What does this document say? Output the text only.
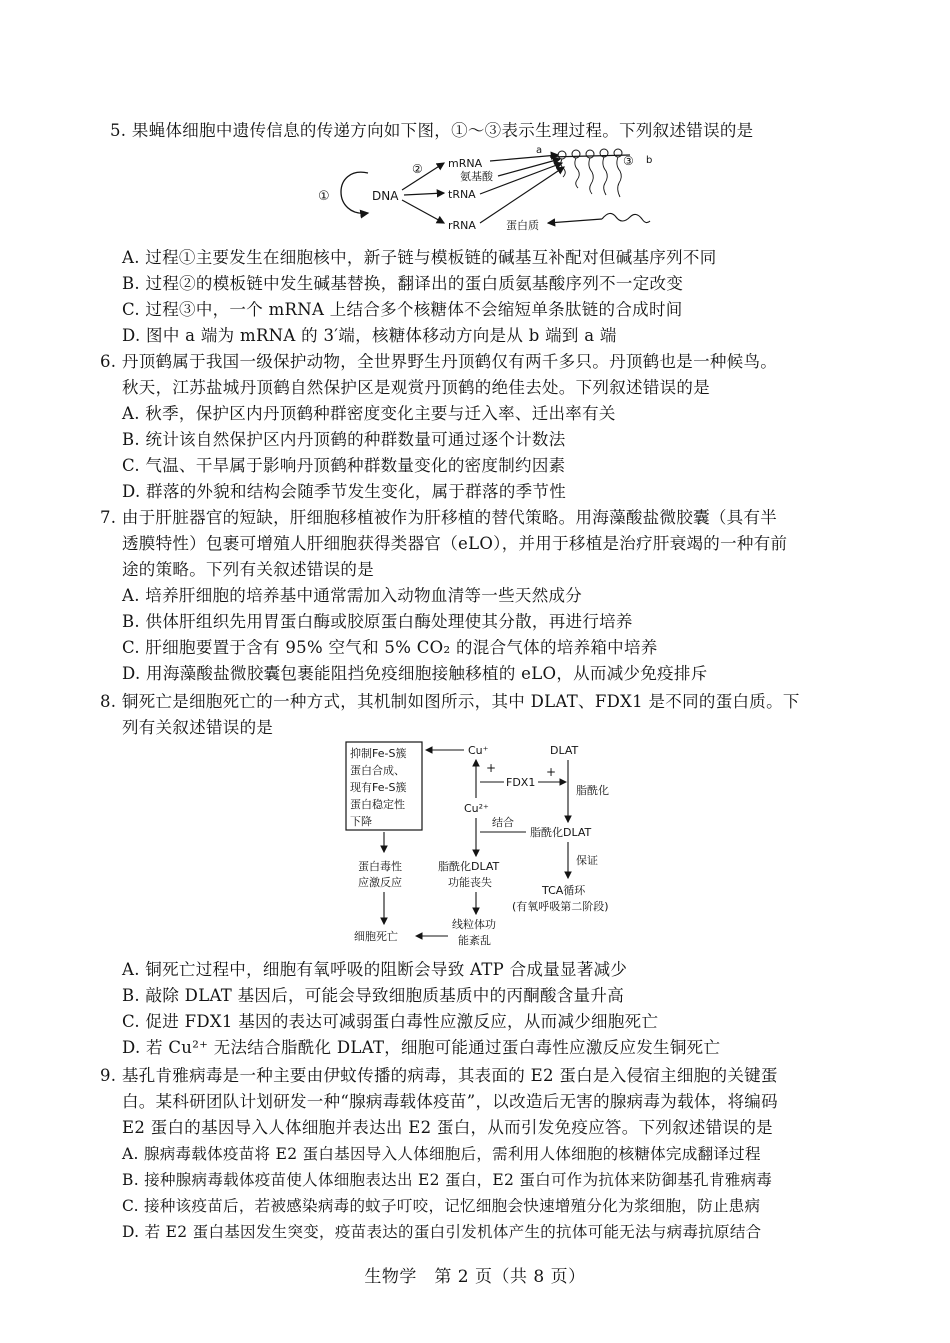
5. 果蝇体细胞中遗传信息的传递方向如下图，①～③表示生理过程。下列叙述错误的是
①	DNA
② mRNA
tRNA
rRNA
氨基酸
a
③ b
蛋白质
A. 过程①主要发生在细胞核中，新子链与模板链的碱基互补配对但碱基序列不同
B. 过程②的模板链中发生碱基替换，翻译出的蛋白质氨基酸序列不一定改变
C. 过程③中，一个 mRNA 上结合多个核糖体不会缩短单条肽链的合成时间
D. 图中 a 端为 mRNA 的 3′端，核糖体移动方向是从 b 端到 a 端
6. 丹顶鹤属于我国一级保护动物，全世界野生丹顶鹤仅有两千多只。丹顶鹤也是一种候鸟。
秋天，江苏盐城丹顶鹤自然保护区是观赏丹顶鹤的绝佳去处。下列叙述错误的是
A. 秋季，保护区内丹顶鹤种群密度变化主要与迁入率、迁出率有关
B. 统计该自然保护区内丹顶鹤的种群数量可通过逐个计数法
C. 气温、干旱属于影响丹顶鹤种群数量变化的密度制约因素
D. 群落的外貌和结构会随季节发生变化，属于群落的季节性
7. 由于肝脏器官的短缺，肝细胞移植被作为肝移植的替代策略。用海藻酸盐微胶囊（具有半
透膜特性）包裹可增殖人肝细胞获得类器官（eLO），并用于移植是治疗肝衰竭的一种有前
途的策略。下列有关叙述错误的是
A. 培养肝细胞的培养基中通常需加入动物血清等一些天然成分
B. 供体肝组织先用胃蛋白酶或胶原蛋白酶处理使其分散，再进行培养
C. 肝细胞要置于含有 95% 空气和 5% CO₂ 的混合气体的培养箱中培养
D. 用海藻酸盐微胶囊包裹能阻挡免疫细胞接触移植的 eLO，从而减少免疫排斥
8. 铜死亡是细胞死亡的一种方式，其机制如图所示，其中 DLAT、FDX1 是不同的蛋白质。下
列有关叙述错误的是
抑制Fe-S簇
蛋白合成、
现有Fe-S簇
蛋白稳定性
下降
Cu⁺
+
FDX1
+
Cu²⁺
DLAT
脂酰化
脂酰化DLAT
结合
保证
TCA循环
(有氧呼吸第二阶段)
蛋白毒性
应激反应
细胞死亡
脂酰化DLAT
功能丧失
线粒体功
能紊乱
A. 铜死亡过程中，细胞有氧呼吸的阻断会导致 ATP 合成量显著减少
B. 敲除 DLAT 基因后，可能会导致细胞质基质中的丙酮酸含量升高
C. 促进 FDX1 基因的表达可减弱蛋白毒性应激反应，从而减少细胞死亡
D. 若 Cu²⁺ 无法结合脂酰化 DLAT，细胞可能通过蛋白毒性应激反应发生铜死亡
9. 基孔肯雅病毒是一种主要由伊蚊传播的病毒，其表面的 E2 蛋白是入侵宿主细胞的关键蛋
白。某科研团队计划研发一种“腺病毒载体疫苗”，以改造后无害的腺病毒为载体，将编码
E2 蛋白的基因导入人体细胞并表达出 E2 蛋白，从而引发免疫应答。下列叙述错误的是
A. 腺病毒载体疫苗将 E2 蛋白基因导入人体细胞后，需利用人体细胞的核糖体完成翻译过程
B. 接种腺病毒载体疫苗使人体细胞表达出 E2 蛋白，E2 蛋白可作为抗体来防御基孔肯雅病毒
C. 接种该疫苗后，若被感染病毒的蚊子叮咬，记忆细胞会快速增殖分化为浆细胞，防止患病
D. 若 E2 蛋白基因发生突变，疫苗表达的蛋白引发机体产生的抗体可能无法与病毒抗原结合
生物学　第 2 页（共 8 页）
